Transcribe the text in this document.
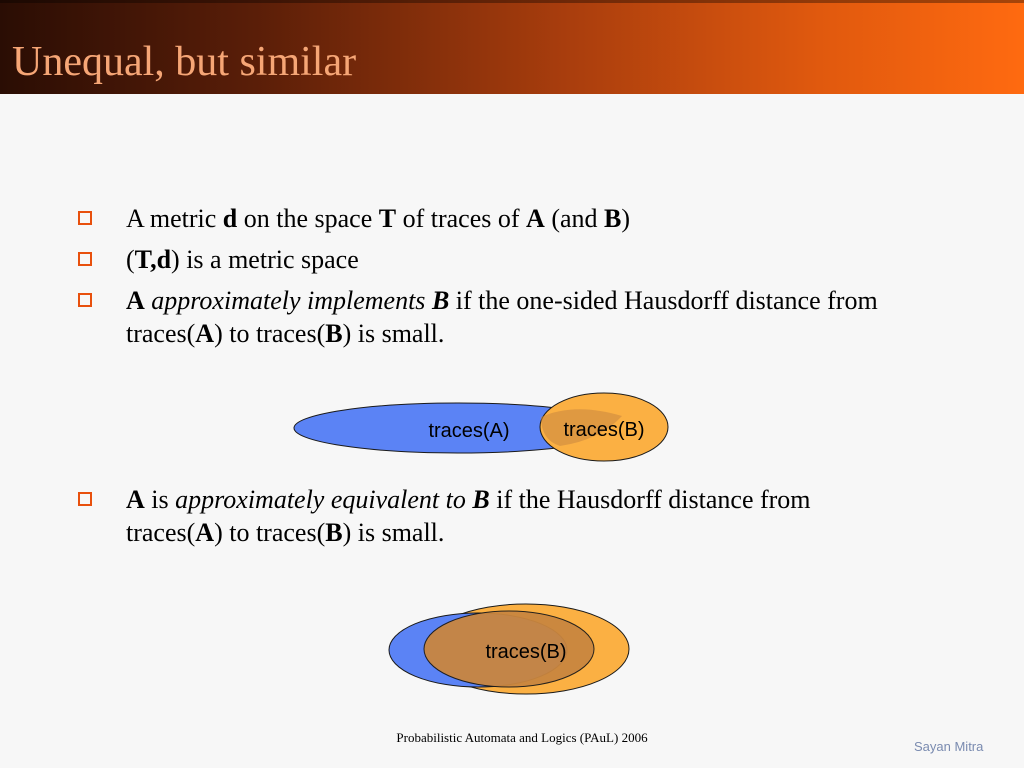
Unequal, but similar
A metric d on the space T of traces of A (and B)
(T,d) is a metric space
A approximately implements B if the one-sided Hausdorff distance from traces(A) to traces(B) is small.
A is approximately equivalent to B if the Hausdorff distance from traces(A) to traces(B) is small.
traces(A)	traces(B)
traces(B)
Probabilistic Automata and Logics (PAuL) 2006
Sayan Mitra
